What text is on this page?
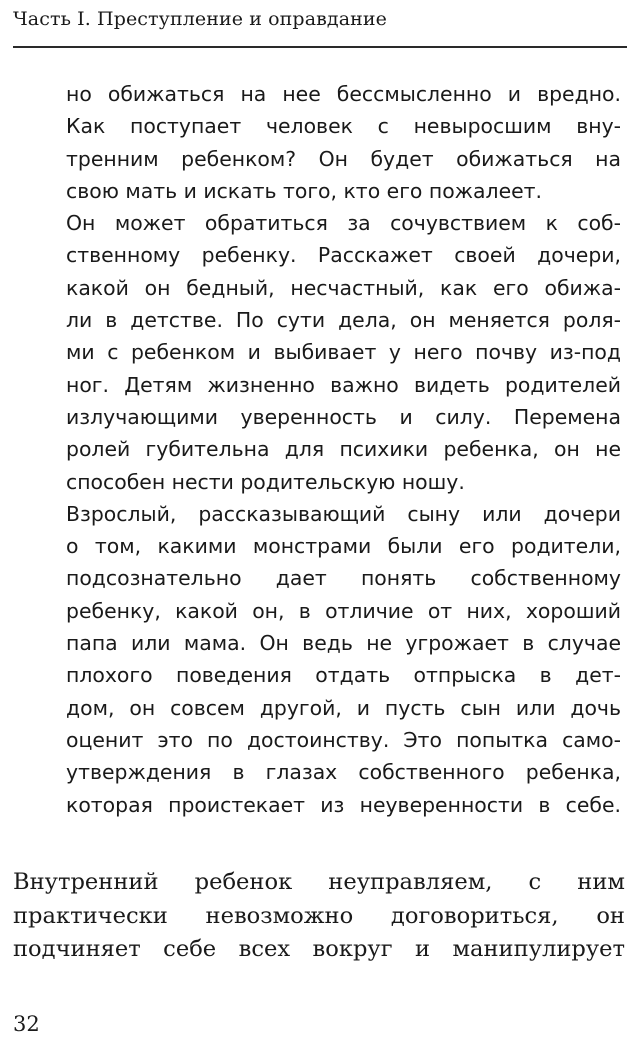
Часть I. Преступление и оправдание
но обижаться на нее бессмысленно и вредно.
Как поступает человек с невыросшим вну-
тренним ребенком? Он будет обижаться на
свою мать и искать того, кто его пожалеет.
Он может обратиться за сочувствием к соб-
ственному ребенку. Расскажет своей дочери,
какой он бедный, несчастный, как его обижа-
ли в детстве. По сути дела, он меняется роля-
ми с ребенком и выбивает у него почву из-под
ног. Детям жизненно важно видеть родителей
излучающими уверенность и силу. Перемена
ролей губительна для психики ребенка, он не
способен нести родительскую ношу.
Взрослый, рассказывающий сыну или дочери
о том, какими монстрами были его родители,
подсознательно дает понять собственному
ребенку, какой он, в отличие от них, хороший
папа или мама. Он ведь не угрожает в случае
плохого поведения отдать отпрыска в дет-
дом, он совсем другой, и пусть сын или дочь
оценит это по достоинству. Это попытка само-
утверждения в глазах собственного ребенка,
которая проистекает из неуверенности в себе.
Внутренний ребенок неуправляем, с ним
практически невозможно договориться, он
подчиняет себе всех вокруг и манипулирует
32
